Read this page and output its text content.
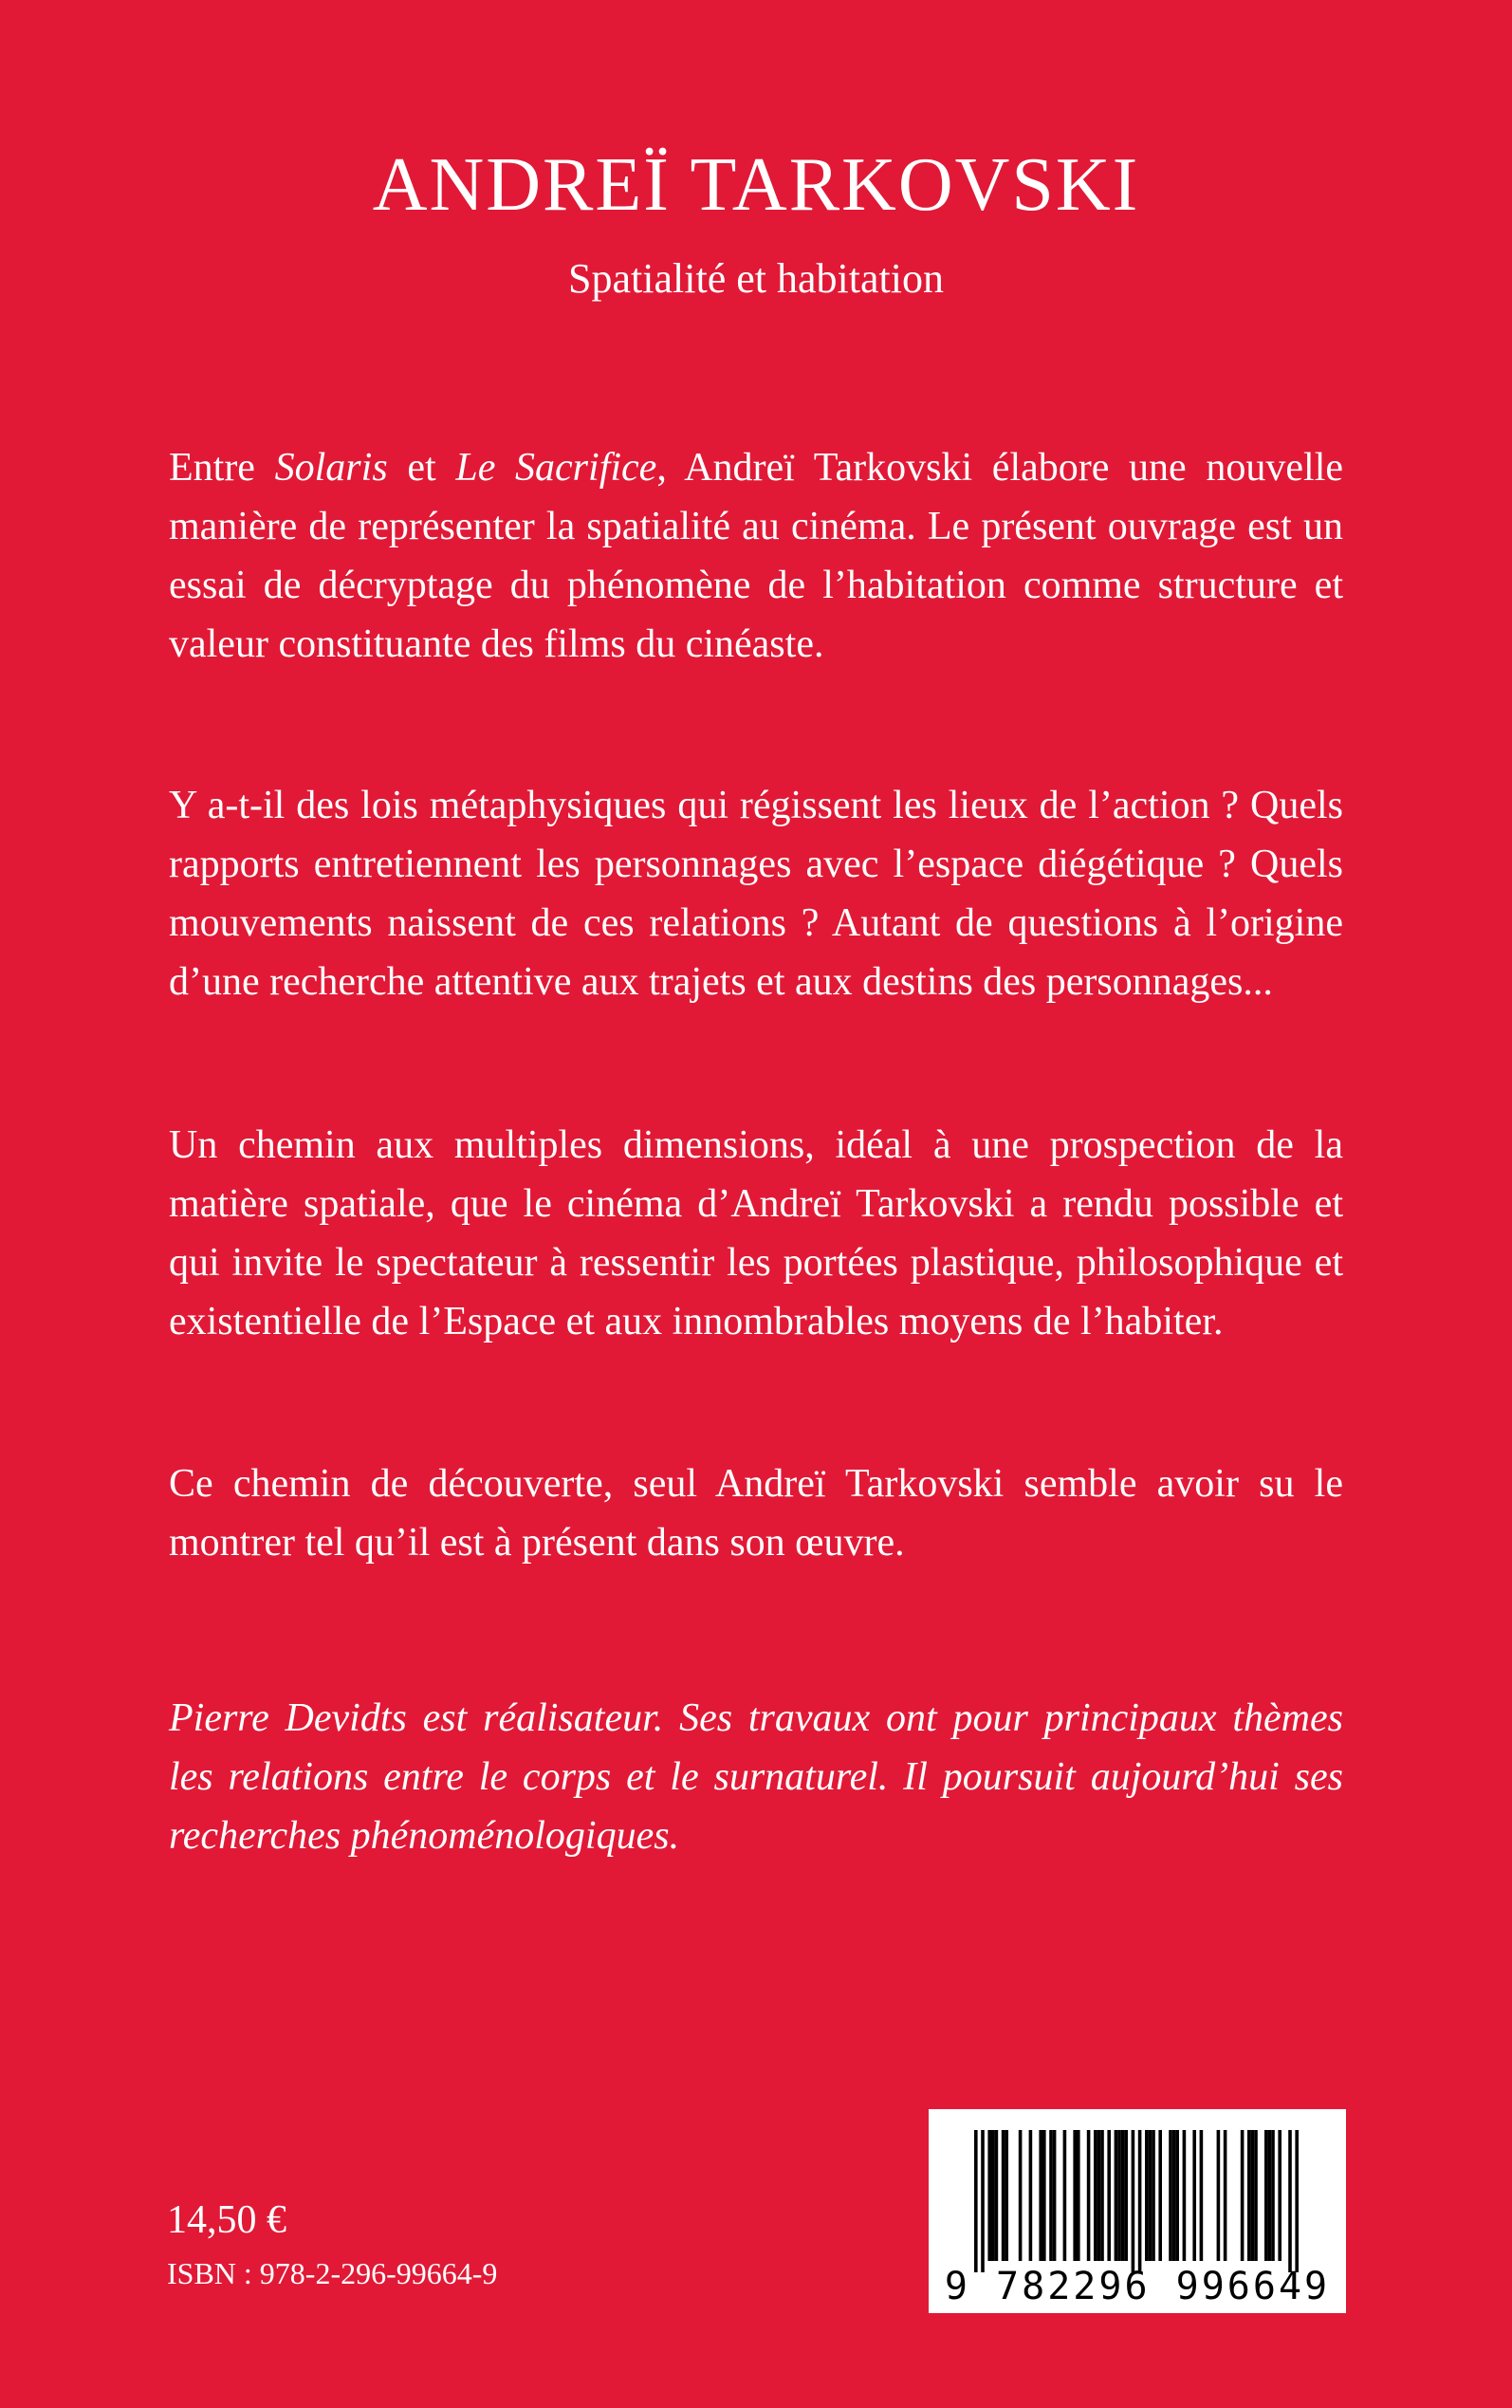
ANDREÏ TARKOVSKI
Spatialité et habitation

Entre Solaris et Le Sacrifice, Andreï Tarkovski élabore une nouvelle manière de représenter la spatialité au cinéma. Le présent ouvrage est un essai de décryptage du phénomène de l’habitation comme structure et valeur constituante des films du cinéaste.

Y a-t-il des lois métaphysiques qui régissent les lieux de l’action ? Quels rapports entretiennent les personnages avec l’espace diégétique ? Quels mouvements naissent de ces relations ? Autant de questions à l’origine d’une recherche attentive aux trajets et aux destins des personnages...

Un chemin aux multiples dimensions, idéal à une prospection de la matière spatiale, que le cinéma d’Andreï Tarkovski a rendu possible et qui invite le spectateur à ressentir les portées plastique, philosophique et existentielle de l’Espace et aux innombrables moyens de l’habiter.

Ce chemin de découverte, seul Andreï Tarkovski semble avoir su le montrer tel qu’il est à présent dans son œuvre.

Pierre Devidts est réalisateur. Ses travaux ont pour principaux thèmes les relations entre le corps et le surnaturel. Il poursuit aujourd’hui ses recherches phénoménologiques.

14,50 €
ISBN : 978-2-296-99664-9	9 782296 996649
